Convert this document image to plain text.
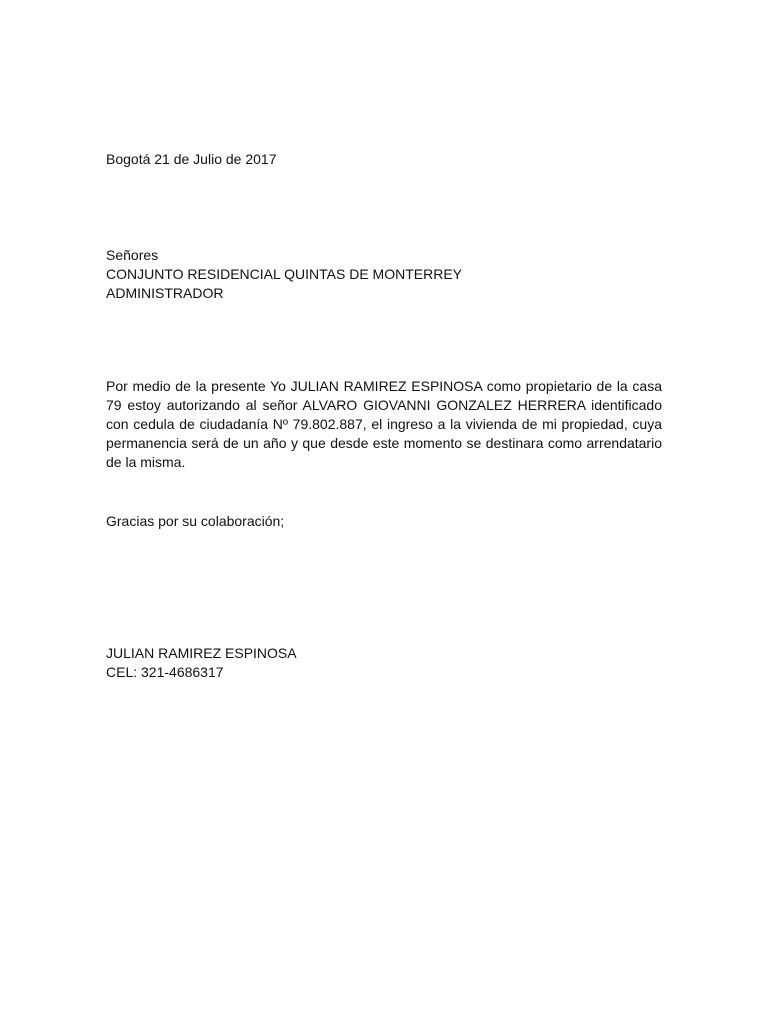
Bogotá 21 de Julio de 2017
Señores
CONJUNTO RESIDENCIAL QUINTAS DE MONTERREY
ADMINISTRADOR
Por medio de la presente Yo JULIAN RAMIREZ ESPINOSA como propietario de la casa 79 estoy autorizando al señor ALVARO GIOVANNI GONZALEZ HERRERA identificado con cedula de ciudadanía Nº 79.802.887, el ingreso a la vivienda de mi propiedad, cuya permanencia será de un año y que desde este momento se destinara como arrendatario de la misma.
Gracias por su colaboración;
JULIAN RAMIREZ ESPINOSA
CEL: 321-4686317
